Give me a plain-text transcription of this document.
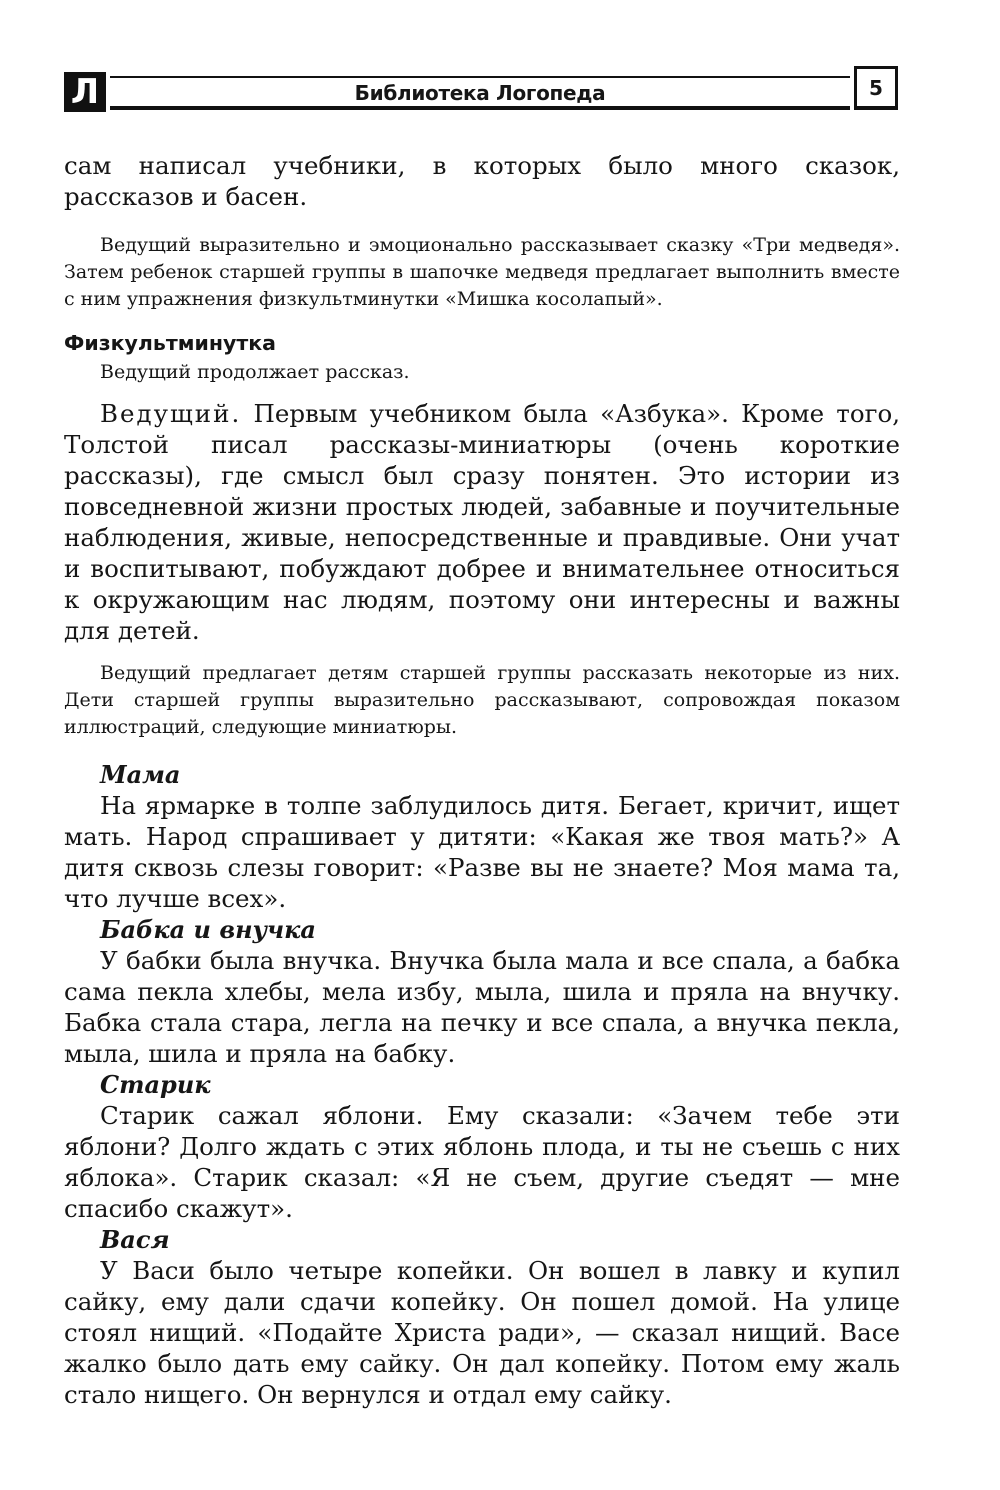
Л	Библиотека Логопеда	5

сам написал учебники, в которых было много сказок, рассказов и басен.

Ведущий выразительно и эмоционально рассказывает сказку «Три медведя». Затем ребенок старшей группы в шапочке медведя предлагает выполнить вместе с ним упражнения физкультминутки «Мишка косолапый».

Физкультминутка

Ведущий продолжает рассказ.

Ведущий. Первым учебником была «Азбука». Кроме того, Толстой писал рассказы-миниатюры (очень короткие рассказы), где смысл был сразу понятен. Это истории из повседневной жизни простых людей, забавные и поучительные наблюдения, живые, непосредственные и правдивые. Они учат и воспитывают, побуждают добрее и внимательнее относиться к окружающим нас людям, поэтому они интересны и важны для детей.

Ведущий предлагает детям старшей группы рассказать некоторые из них. Дети старшей группы выразительно рассказывают, сопровождая показом иллюстраций, следующие миниатюры.

Мама

На ярмарке в толпе заблудилось дитя. Бегает, кричит, ищет мать. Народ спрашивает у дитяти: «Какая же твоя мать?» А дитя сквозь слезы говорит: «Разве вы не знаете? Моя мама та, что лучше всех».

Бабка и внучка

У бабки была внучка. Внучка была мала и все спала, а бабка сама пекла хлебы, мела избу, мыла, шила и пряла на внучку. Бабка стала стара, легла на печку и все спала, а внучка пекла, мыла, шила и пряла на бабку.

Старик

Старик сажал яблони. Ему сказали: «Зачем тебе эти яблони? Долго ждать с этих яблонь плода, и ты не съешь с них яблока». Старик сказал: «Я не съем, другие съедят — мне спасибо скажут».

Вася

У Васи было четыре копейки. Он вошел в лавку и купил сайку, ему дали сдачи копейку. Он пошел домой. На улице стоял нищий. «Подайте Христа ради», — сказал нищий. Васе жалко было дать ему сайку. Он дал копейку. Потом ему жаль стало нищего. Он вернулся и отдал ему сайку.
